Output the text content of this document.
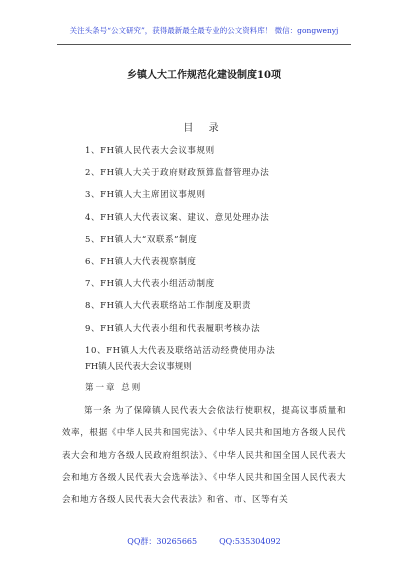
关注头条号“公文研究”，获得最新最全最专业的公文资料库！ 微信：gongwenyj
乡镇人大工作规范化建设制度10项
目 录
1、FH镇人民代表大会议事规则
2、FH镇人大关于政府财政预算监督管理办法
3、FH镇人大主席团议事规则
4、FH镇人大代表议案、建议、意见处理办法
5、FH镇人大“双联系”制度
6、FH镇人大代表视察制度
7、FH镇人大代表小组活动制度
8、FH镇人大代表联络站工作制度及职责
9、FH镇人大代表小组和代表履职考核办法
10、FH镇人大代表及联络站活动经费使用办法
FH镇人民代表大会议事规则
第一章 总则

第一条 为了保障镇人民代表大会依法行使职权，提高议事质量和效率，根据《中华人民共和国宪法》、《中华人民共和国地方各级人民代表大会和地方各级人民政府组织法》、《中华人民共和国全国人民代表大会和地方各级人民代表大会选举法》、《中华人民共和国全国人民代表大会和地方各级人民代表大会代表法》和省、市、区等有关

QQ群：30265665	QQ:535304092
